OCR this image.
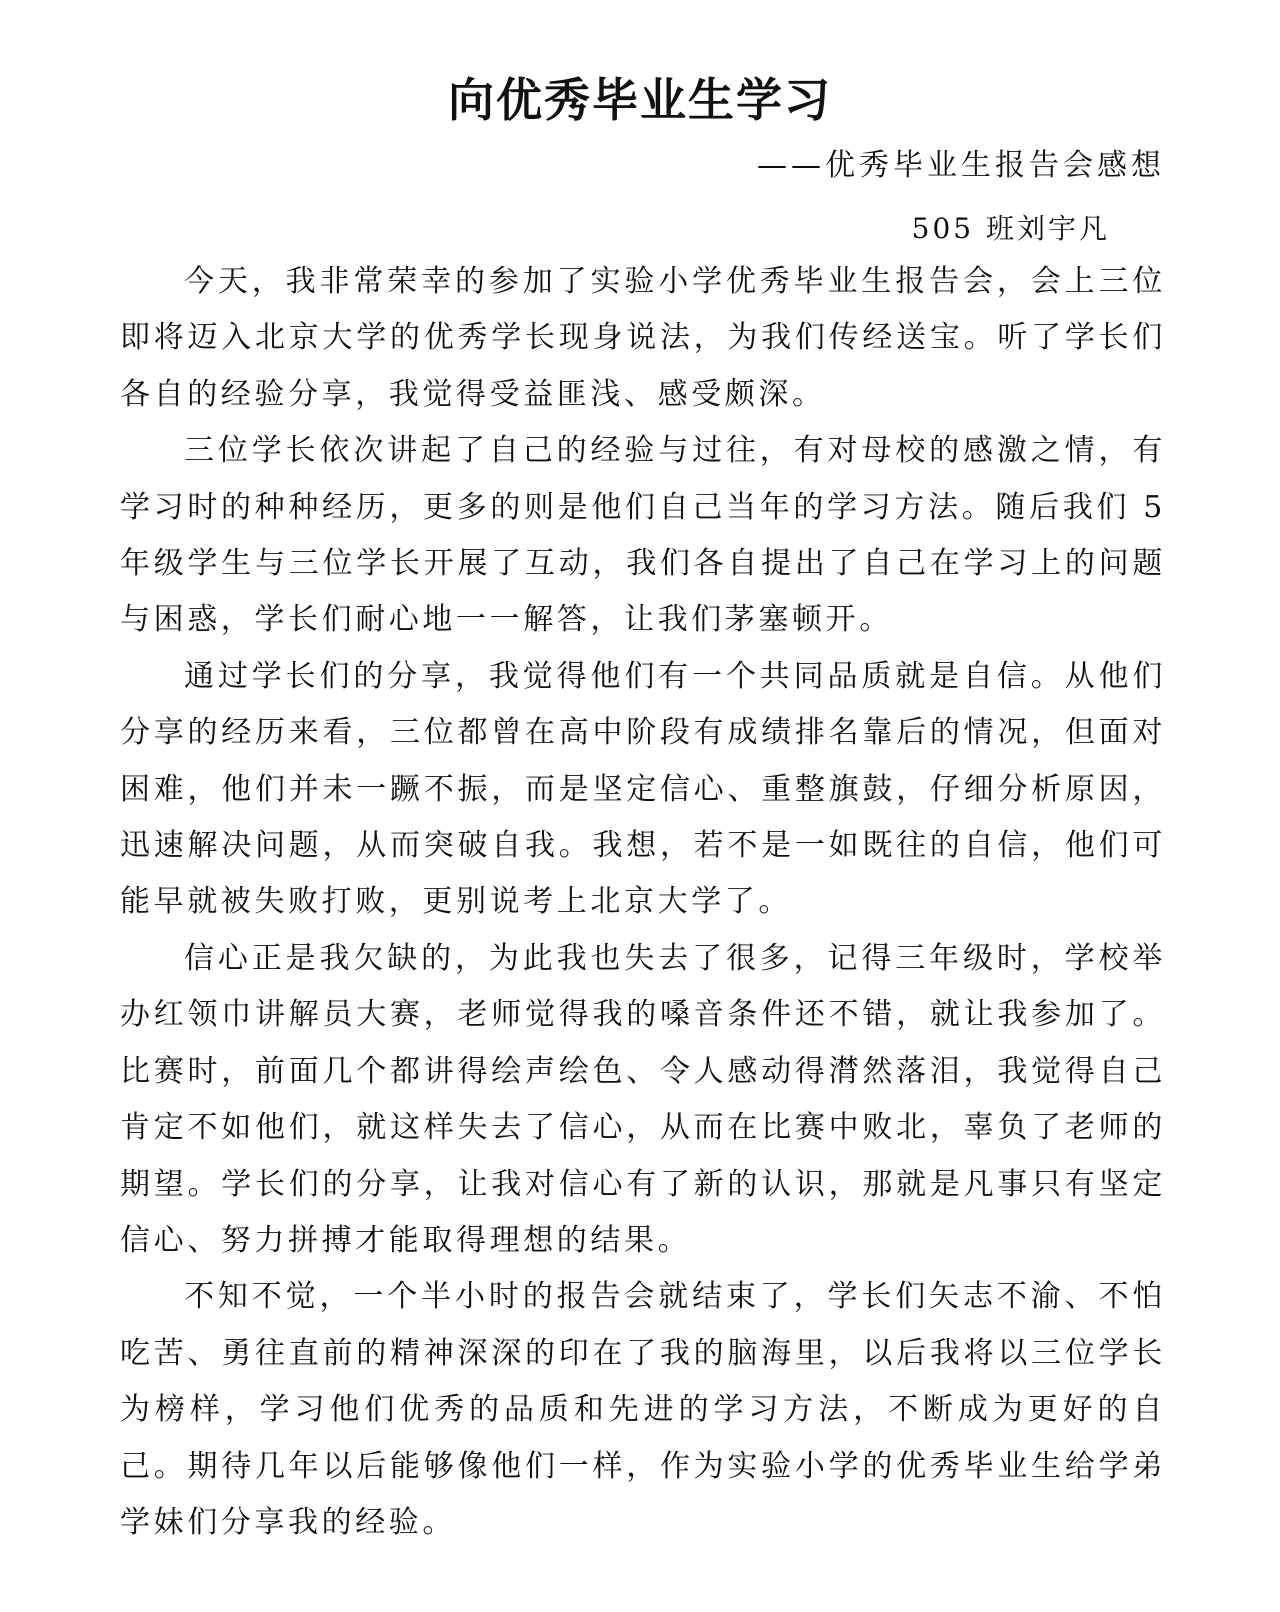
向优秀毕业生学习

——优秀毕业生报告会感想

505 班刘宇凡

今天，我非常荣幸的参加了实验小学优秀毕业生报告会，会上三位即将迈入北京大学的优秀学长现身说法，为我们传经送宝。听了学长们各自的经验分享，我觉得受益匪浅、感受颇深。

三位学长依次讲起了自己的经验与过往，有对母校的感激之情，有学习时的种种经历，更多的则是他们自己当年的学习方法。随后我们 5 年级学生与三位学长开展了互动，我们各自提出了自己在学习上的问题与困惑，学长们耐心地一一解答，让我们茅塞顿开。

通过学长们的分享，我觉得他们有一个共同品质就是自信。从他们分享的经历来看，三位都曾在高中阶段有成绩排名靠后的情况，但面对困难，他们并未一蹶不振，而是坚定信心、重整旗鼓，仔细分析原因，迅速解决问题，从而突破自我。我想，若不是一如既往的自信，他们可能早就被失败打败，更别说考上北京大学了。

信心正是我欠缺的，为此我也失去了很多，记得三年级时，学校举办红领巾讲解员大赛，老师觉得我的嗓音条件还不错，就让我参加了。比赛时，前面几个都讲得绘声绘色、令人感动得潸然落泪，我觉得自己肯定不如他们，就这样失去了信心，从而在比赛中败北，辜负了老师的期望。学长们的分享，让我对信心有了新的认识，那就是凡事只有坚定信心、努力拼搏才能取得理想的结果。

不知不觉，一个半小时的报告会就结束了，学长们矢志不渝、不怕吃苦、勇往直前的精神深深的印在了我的脑海里，以后我将以三位学长为榜样，学习他们优秀的品质和先进的学习方法，不断成为更好的自己。期待几年以后能够像他们一样，作为实验小学的优秀毕业生给学弟学妹们分享我的经验。
